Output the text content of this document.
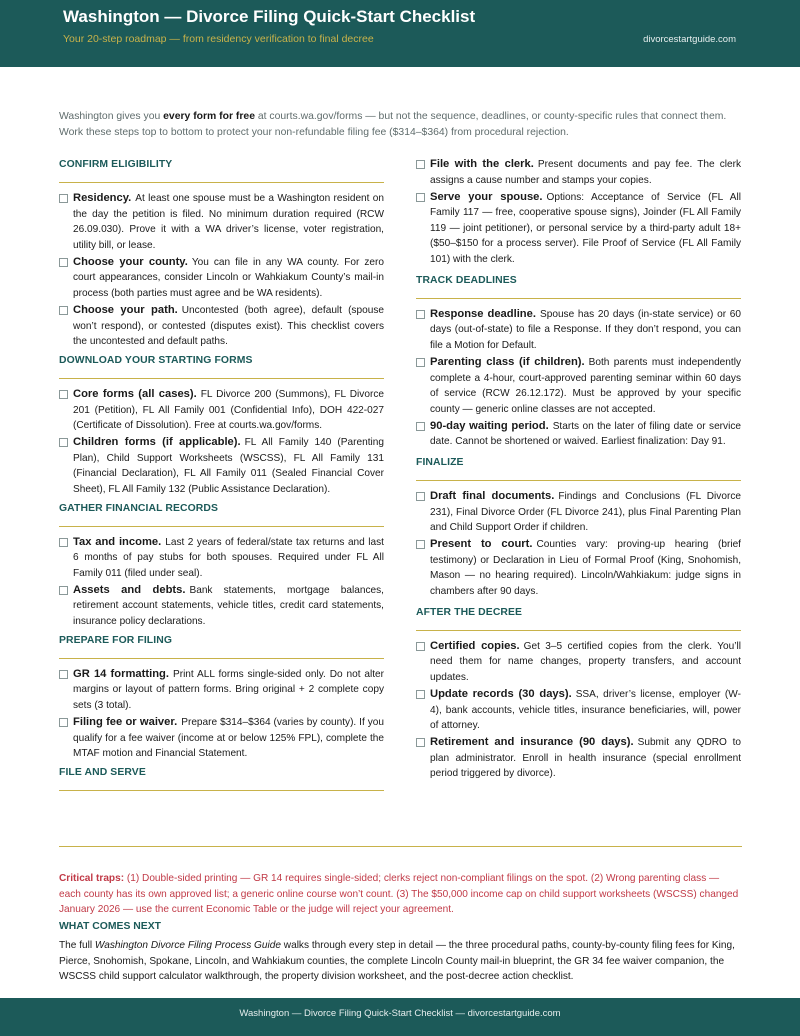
Washington — Divorce Filing Quick-Start Checklist
Your 20-step roadmap — from residency verification to final decree	divorcestartguide.com
Washington gives you every form for free at courts.wa.gov/forms — but not the sequence, deadlines, or county-specific rules that connect them. Work these steps top to bottom to protect your non-refundable filing fee ($314–$364) from procedural rejection.
CONFIRM ELIGIBILITY
Residency. At least one spouse must be a Washington resident on the day the petition is filed. No minimum duration required (RCW 26.09.030). Prove it with a WA driver’s license, voter registration, utility bill, or lease.
Choose your county. You can file in any WA county. For zero court appearances, consider Lincoln or Wahkiakum County’s mail-in process (both parties must agree and be WA residents).
Choose your path. Uncontested (both agree), default (spouse won’t respond), or contested (disputes exist). This checklist covers the uncontested and default paths.
DOWNLOAD YOUR STARTING FORMS
Core forms (all cases). FL Divorce 200 (Summons), FL Divorce 201 (Petition), FL All Family 001 (Confidential Info), DOH 422-027 (Certificate of Dissolution). Free at courts.wa.gov/forms.
Children forms (if applicable). FL All Family 140 (Parenting Plan), Child Support Worksheets (WSCSS), FL All Family 131 (Financial Declaration), FL All Family 011 (Sealed Financial Cover Sheet), FL All Family 132 (Public Assistance Declaration).
GATHER FINANCIAL RECORDS
Tax and income. Last 2 years of federal/state tax returns and last 6 months of pay stubs for both spouses. Required under FL All Family 011 (filed under seal).
Assets and debts. Bank statements, mortgage balances, retirement account statements, vehicle titles, credit card statements, insurance policy declarations.
PREPARE FOR FILING
GR 14 formatting. Print ALL forms single-sided only. Do not alter margins or layout of pattern forms. Bring original + 2 complete copy sets (3 total).
Filing fee or waiver. Prepare $314–$364 (varies by county). If you qualify for a fee waiver (income at or below 125% FPL), complete the MTAF motion and Financial Statement.
FILE AND SERVE
File with the clerk. Present documents and pay fee. The clerk assigns a cause number and stamps your copies.
Serve your spouse. Options: Acceptance of Service (FL All Family 117 — free, cooperative spouse signs), Joinder (FL All Family 119 — joint petitioner), or personal service by a third-party adult 18+ ($50–$150 for a process server). File Proof of Service (FL All Family 101) with the clerk.
TRACK DEADLINES
Response deadline. Spouse has 20 days (in-state service) or 60 days (out-of-state) to file a Response. If they don’t respond, you can file a Motion for Default.
Parenting class (if children). Both parents must independently complete a 4-hour, court-approved parenting seminar within 60 days of service (RCW 26.12.172). Must be approved by your specific county — generic online classes are not accepted.
90-day waiting period. Starts on the later of filing date or service date. Cannot be shortened or waived. Earliest finalization: Day 91.
FINALIZE
Draft final documents. Findings and Conclusions (FL Divorce 231), Final Divorce Order (FL Divorce 241), plus Final Parenting Plan and Child Support Order if children.
Present to court. Counties vary: proving-up hearing (brief testimony) or Declaration in Lieu of Formal Proof (King, Snohomish, Mason — no hearing required). Lincoln/Wahkiakum: judge signs in chambers after 90 days.
AFTER THE DECREE
Certified copies. Get 3–5 certified copies from the clerk. You’ll need them for name changes, property transfers, and account updates.
Update records (30 days). SSA, driver’s license, employer (W-4), bank accounts, vehicle titles, insurance beneficiaries, will, power of attorney.
Retirement and insurance (90 days). Submit any QDRO to plan administrator. Enroll in health insurance (special enrollment period triggered by divorce).
Critical traps: (1) Double-sided printing — GR 14 requires single-sided; clerks reject non-compliant filings on the spot. (2) Wrong parenting class — each county has its own approved list; a generic online course won’t count. (3) The $50,000 income cap on child support worksheets (WSCSS) changed January 2026 — use the current Economic Table or the judge will reject your agreement.
WHAT COMES NEXT
The full Washington Divorce Filing Process Guide walks through every step in detail — the three procedural paths, county-by-county filing fees for King, Pierce, Snohomish, Spokane, Lincoln, and Wahkiakum counties, the complete Lincoln County mail-in blueprint, the GR 34 fee waiver companion, the WSCSS child support calculator walkthrough, the property division worksheet, and the post-decree action checklist.
Washington — Divorce Filing Quick-Start Checklist — divorcestartguide.com
